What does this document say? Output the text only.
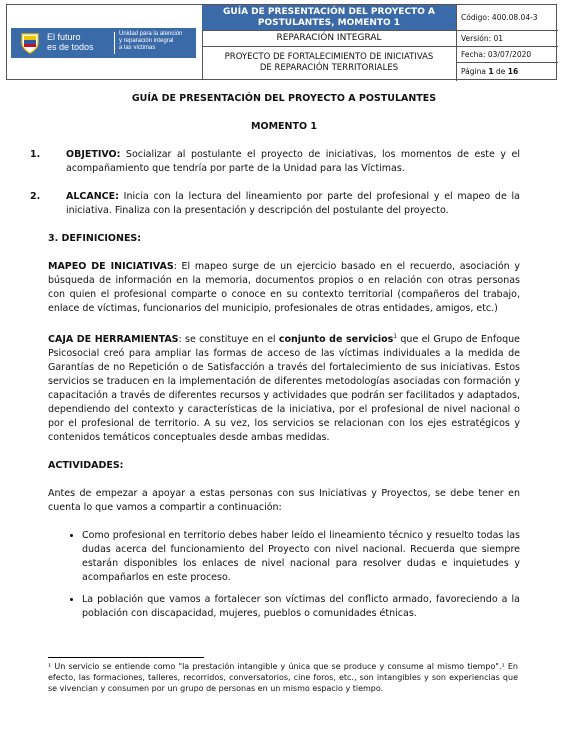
El futuro
es de todos
Unidad para la atención
y reparación integral
a las víctimas
GUÍA DE PRESENTACIÓN DEL PROYECTO A
POSTULANTES, MOMENTO 1
REPARACIÓN INTEGRAL
PROYECTO DE FORTALECIMIENTO DE INICIATIVAS
DE REPARACIÓN TERRITORIALES
Código: 400.08.04-3
Versión: 01
Fecha: 03/07/2020
Página 1 de 16
GUÍA DE PRESENTACIÓN DEL PROYECTO A POSTULANTES
MOMENTO 1

1.	OBJETIVO: Socializar al postulante el proyecto de iniciativas, los momentos de este y el acompañamiento que tendría por parte de la Unidad para las Víctimas.

2.	ALCANCE: Inicia con la lectura del lineamiento por parte del profesional y el mapeo de la iniciativa. Finaliza con la presentación y descripción del postulante del proyecto.

3. DEFINICIONES:

MAPEO DE INICIATIVAS: El mapeo surge de un ejercicio basado en el recuerdo, asociación y búsqueda de información en la memoria, documentos propios o en relación con otras personas con quien el profesional comparte o conoce en su contexto territorial (compañeros del trabajo, enlace de víctimas, funcionarios del municipio, profesionales de otras entidades, amigos, etc.)

CAJA DE HERRAMIENTAS: se constituye en el conjunto de servicios$^1$ que el Grupo de Enfoque Psicosocial creó para ampliar las formas de acceso de las víctimas individuales a la medida de Garantías de no Repetición o de Satisfacción a través del fortalecimiento de sus iniciativas. Estos servicios se traducen en la implementación de diferentes metodologías asociadas con formación y capacitación a través de diferentes recursos y actividades que podrán ser facilitados y adaptados, dependiendo del contexto y características de la iniciativa, por el profesional de nivel nacional o por el profesional de territorio. A su vez, los servicios se relacionan con los ejes estratégicos y contenidos temáticos conceptuales desde ambas medidas.

ACTIVIDADES:

Antes de empezar a apoyar a estas personas con sus Iniciativas y Proyectos, se debe tener en cuenta lo que vamos a compartir a continuación:

• Como profesional en territorio debes haber leído el lineamiento técnico y resuelto todas las dudas acerca del funcionamiento del Proyecto con nivel nacional. Recuerda que siempre estarán disponibles los enlaces de nivel nacional para resolver dudas e inquietudes y acompañarlos en este proceso.
• La población que vamos a fortalecer son víctimas del conflicto armado, favoreciendo a la población con discapacidad, mujeres, pueblos o comunidades étnicas.
¹ Un servicio se entiende como "la prestación intangible y única que se produce y consume al mismo tiempo".¹ En efecto, las formaciones, talleres, recorridos, conversatorios, cine foros, etc., son intangibles y son experiencias que se vivencian y consumen por un grupo de personas en un mismo espacio y tiempo.
